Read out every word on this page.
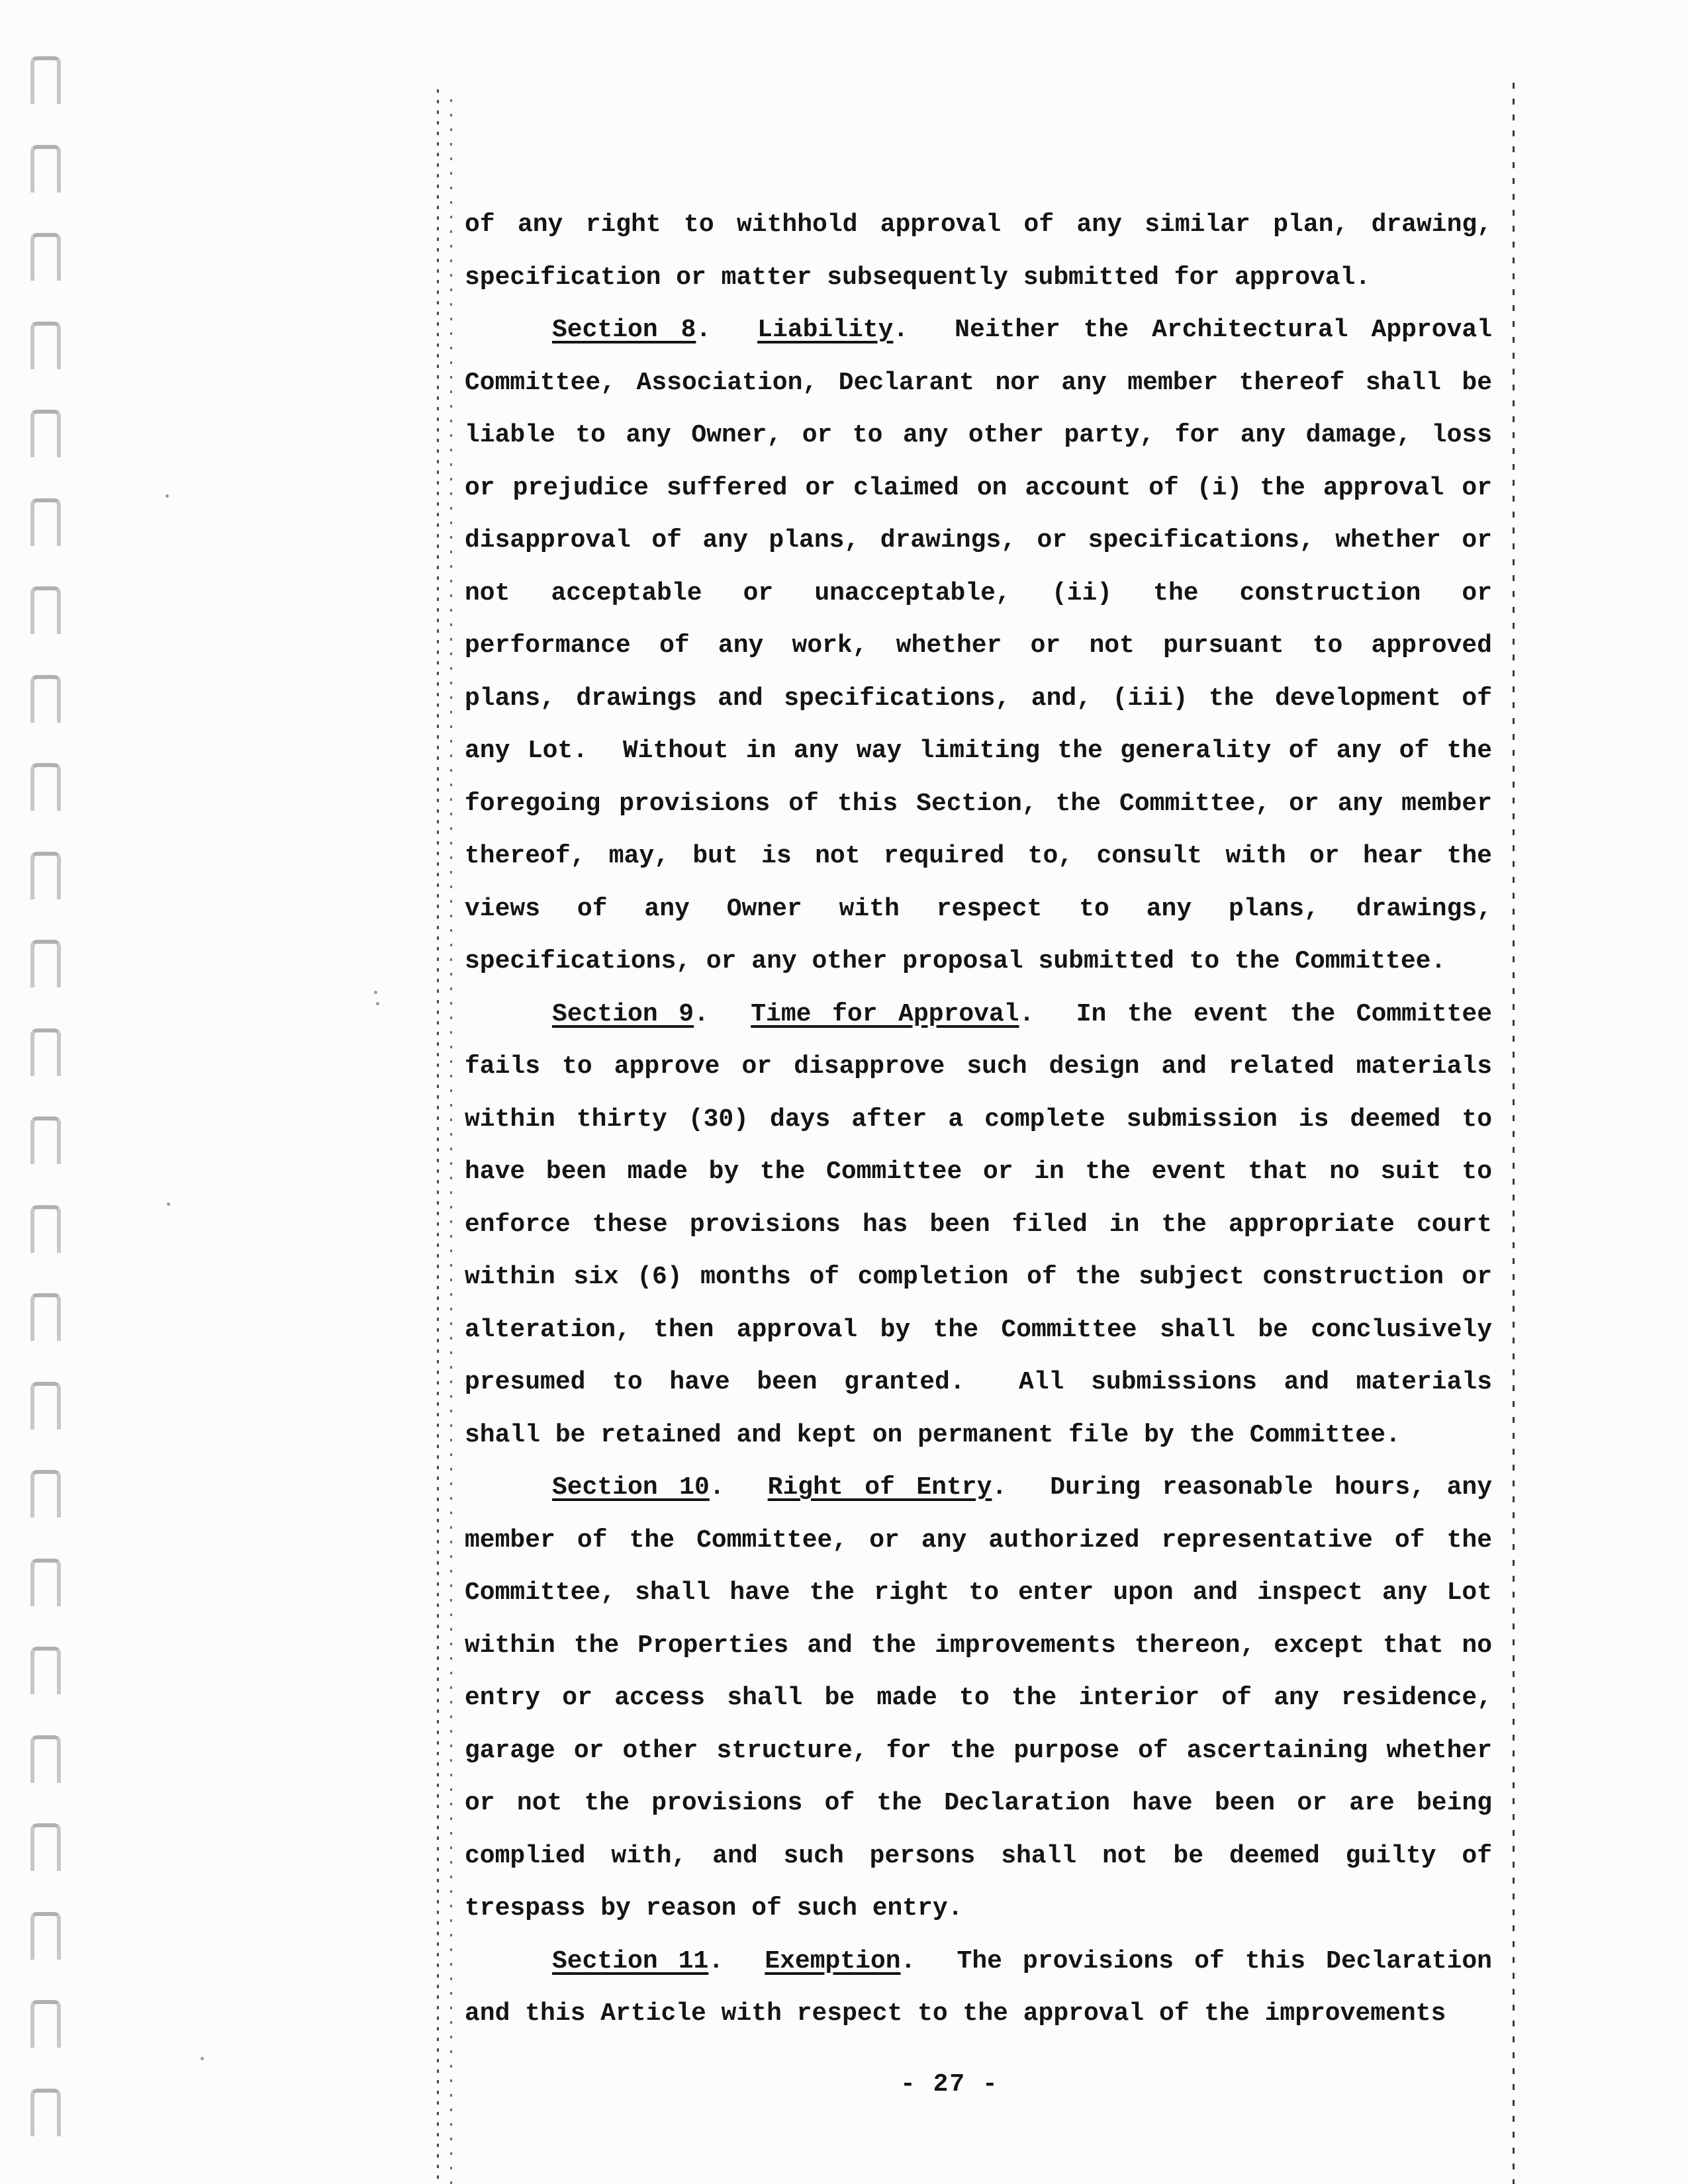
of any right to withhold approval of any similar plan, drawing,
specification or matter subsequently submitted for approval.
Section 8.  Liability.  Neither the Architectural Approval
Committee, Association, Declarant nor any member thereof shall be
liable to any Owner, or to any other party, for any damage, loss
or prejudice suffered or claimed on account of (i) the approval or
disapproval of any plans, drawings, or specifications, whether or
not acceptable or unacceptable, (ii) the construction or
performance of any work, whether or not pursuant to approved
plans, drawings and specifications, and, (iii) the development of
any Lot.  Without in any way limiting the generality of any of the
foregoing provisions of this Section, the Committee, or any member
thereof, may, but is not required to, consult with or hear the
views of any Owner with respect to any plans, drawings,
specifications, or any other proposal submitted to the Committee.
Section 9.  Time for Approval.  In the event the Committee
fails to approve or disapprove such design and related materials
within thirty (30) days after a complete submission is deemed to
have been made by the Committee or in the event that no suit to
enforce these provisions has been filed in the appropriate court
within six (6) months of completion of the subject construction or
alteration, then approval by the Committee shall be conclusively
presumed to have been granted.  All submissions and materials
shall be retained and kept on permanent file by the Committee.
Section 10.  Right of Entry.  During reasonable hours, any
member of the Committee, or any authorized representative of the
Committee, shall have the right to enter upon and inspect any Lot
within the Properties and the improvements thereon, except that no
entry or access shall be made to the interior of any residence,
garage or other structure, for the purpose of ascertaining whether
or not the provisions of the Declaration have been or are being
complied with, and such persons shall not be deemed guilty of
trespass by reason of such entry.
Section 11.  Exemption.  The provisions of this Declaration
and this Article with respect to the approval of the improvements
- 27 -
